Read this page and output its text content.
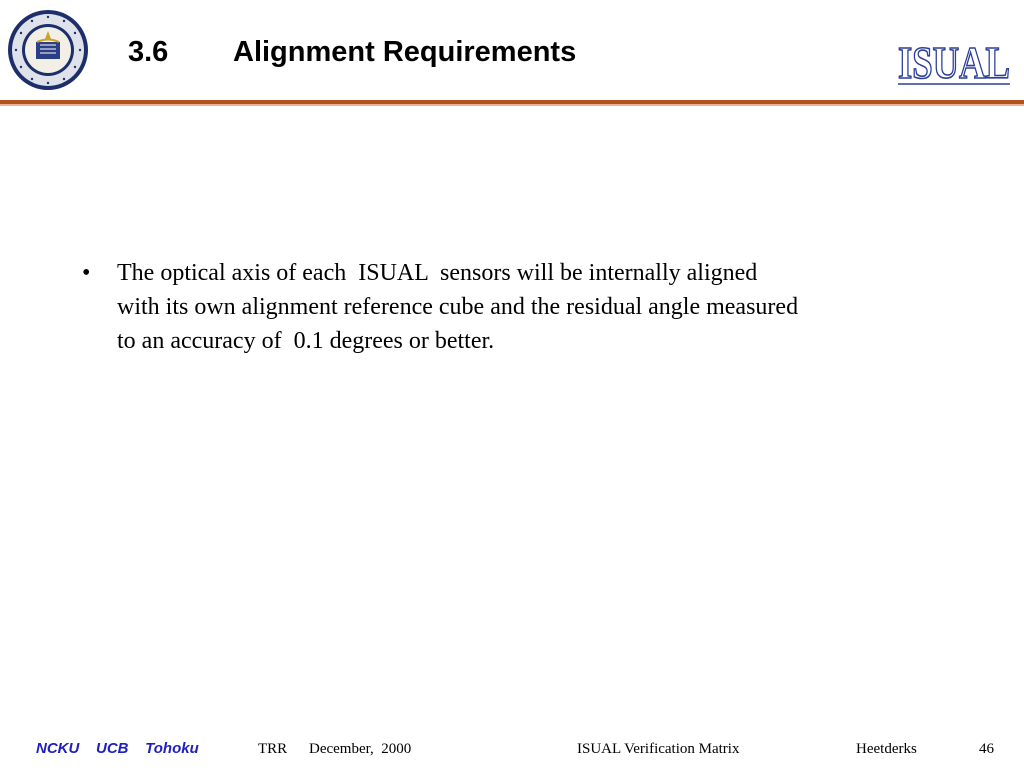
3.6 Alignment Requirements	ISUAL
• The optical axis of each  ISUAL  sensors will be internally aligned
with its own alignment reference cube and the residual angle measured
to an accuracy of  0.1 degrees or better.
NCKU    UCB    Tohoku	TRR December,  2000	ISUAL Verification Matrix	Heetderks	46
